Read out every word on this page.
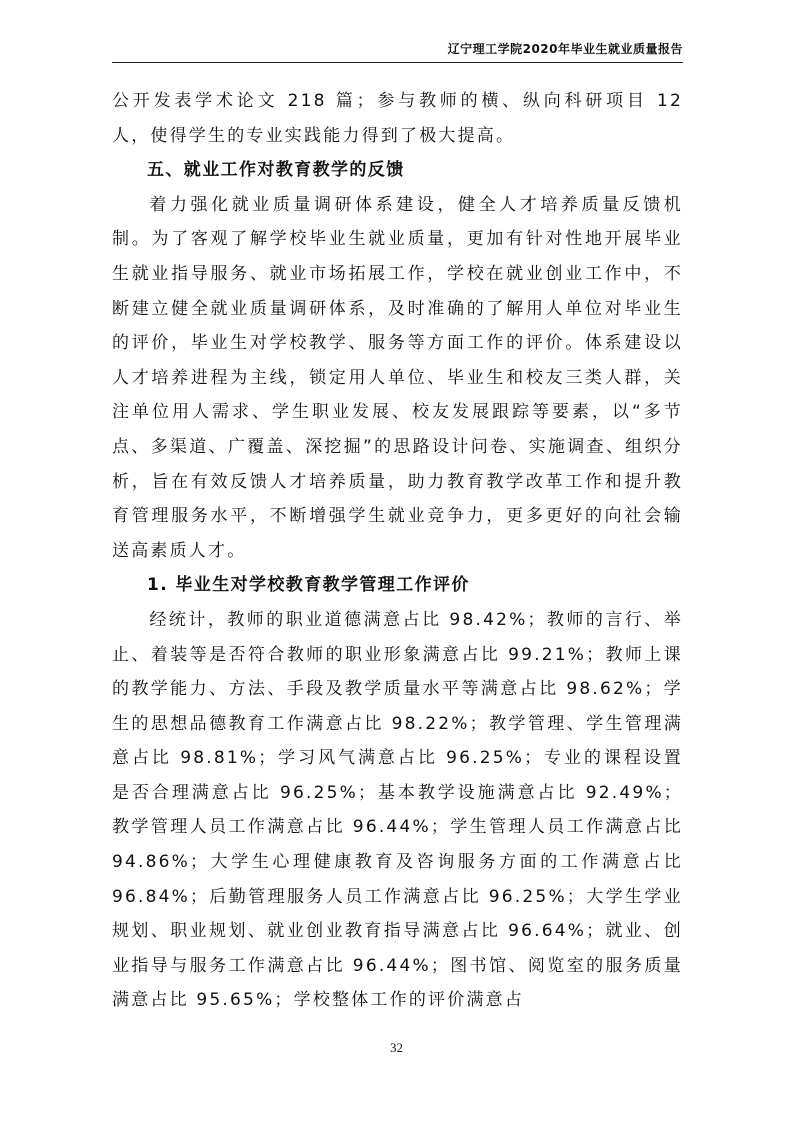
辽宁理工学院2020年毕业生就业质量报告

公开发表学术论文 218 篇；参与教师的横、纵向科研项目 12 人，使得学生的专业实践能力得到了极大提高。

五、就业工作对教育教学的反馈

着力强化就业质量调研体系建设，健全人才培养质量反馈机制。为了客观了解学校毕业生就业质量，更加有针对性地开展毕业生就业指导服务、就业市场拓展工作，学校在就业创业工作中，不断建立健全就业质量调研体系，及时准确的了解用人单位对毕业生的评价，毕业生对学校教学、服务等方面工作的评价。体系建设以人才培养进程为主线，锁定用人单位、毕业生和校友三类人群，关注单位用人需求、学生职业发展、校友发展跟踪等要素，以“多节点、多渠道、广覆盖、深挖掘”的思路设计问卷、实施调查、组织分析，旨在有效反馈人才培养质量，助力教育教学改革工作和提升教育管理服务水平，不断增强学生就业竞争力，更多更好的向社会输送高素质人才。

1. 毕业生对学校教育教学管理工作评价

经统计，教师的职业道德满意占比 98.42%；教师的言行、举止、着装等是否符合教师的职业形象满意占比 99.21%；教师上课的教学能力、方法、手段及教学质量水平等满意占比 98.62%；学生的思想品德教育工作满意占比 98.22%；教学管理、学生管理满意占比 98.81%；学习风气满意占比 96.25%；专业的课程设置是否合理满意占比 96.25%；基本教学设施满意占比 92.49%；教学管理人员工作满意占比 96.44%；学生管理人员工作满意占比 94.86%；大学生心理健康教育及咨询服务方面的工作满意占比 96.84%；后勤管理服务人员工作满意占比 96.25%；大学生学业规划、职业规划、就业创业教育指导满意占比 96.64%；就业、创业指导与服务工作满意占比 96.44%；图书馆、阅览室的服务质量满意占比 95.65%；学校整体工作的评价满意占

32
